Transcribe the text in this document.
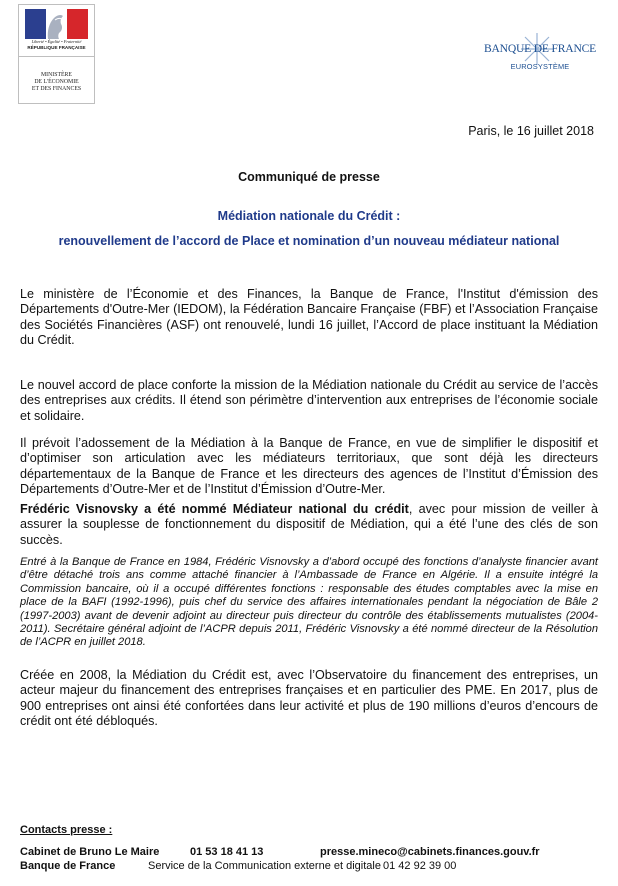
Liberté • Égalité • Fraternité
RÉPUBLIQUE FRANÇAISE
MINISTÈRE
DE L'ÉCONOMIE
ET DES FINANCES
BANQUE DE FRANCE
EUROSYSTÈME
Paris, le 16 juillet 2018
Communiqué de presse
Médiation nationale du Crédit :
renouvellement de l’accord de Place et nomination d’un nouveau médiateur national

Le ministère de l’Économie et des Finances, la Banque de France, l'Institut d'émission des Départements d'Outre-Mer (IEDOM), la Fédération Bancaire Française (FBF) et l’Association Française des Sociétés Financières (ASF) ont renouvelé, lundi 16 juillet, l’Accord de place instituant la Médiation du Crédit.

Le nouvel accord de place conforte la mission de la Médiation nationale du Crédit au service de l’accès des entreprises aux crédits. Il étend son périmètre d’intervention aux entreprises de l’économie sociale et solidaire.

Il prévoit l’adossement de la Médiation à la Banque de France, en vue de simplifier le dispositif et d’optimiser son articulation avec les médiateurs territoriaux, que sont déjà les directeurs départementaux de la Banque de France et les directeurs des agences de l’Institut d’Émission des Départements d’Outre-Mer et de l’Institut d’Émission d’Outre-Mer.

Frédéric Visnovsky a été nommé Médiateur national du crédit, avec pour mission de veiller à assurer la souplesse de fonctionnement du dispositif de Médiation, qui a été l’une des clés de son succès.

Entré à la Banque de France en 1984, Frédéric Visnovsky a d’abord occupé des fonctions d’analyste financier avant d’être détaché trois ans comme attaché financier à l’Ambassade de France en Algérie. Il a ensuite intégré la Commission bancaire, où il a occupé différentes fonctions : responsable des études comptables avec la mise en place de la BAFI (1992-1996), puis chef du service des affaires internationales pendant la négociation de Bâle 2 (1997-2003) avant de devenir adjoint au directeur puis directeur du contrôle des établissements mutualistes (2004-2011). Secrétaire général adjoint de l’ACPR depuis 2011, Frédéric Visnovsky a été nommé directeur de la Résolution de l’ACPR en juillet 2018.

Créée en 2008, la Médiation du Crédit est, avec l’Observatoire du financement des entreprises, un acteur majeur du financement des entreprises françaises et en particulier des PME. En 2017, plus de 900 entreprises ont ainsi été confortées dans leur activité et plus de 190 millions d’euros d’encours de crédit ont été débloqués.

Contacts presse :
Cabinet de Bruno Le Maire	01 53 18 41 13	presse.mineco@cabinets.finances.gouv.fr
Banque de France	Service de la Communication externe et digitale 01 42 92 39 00
